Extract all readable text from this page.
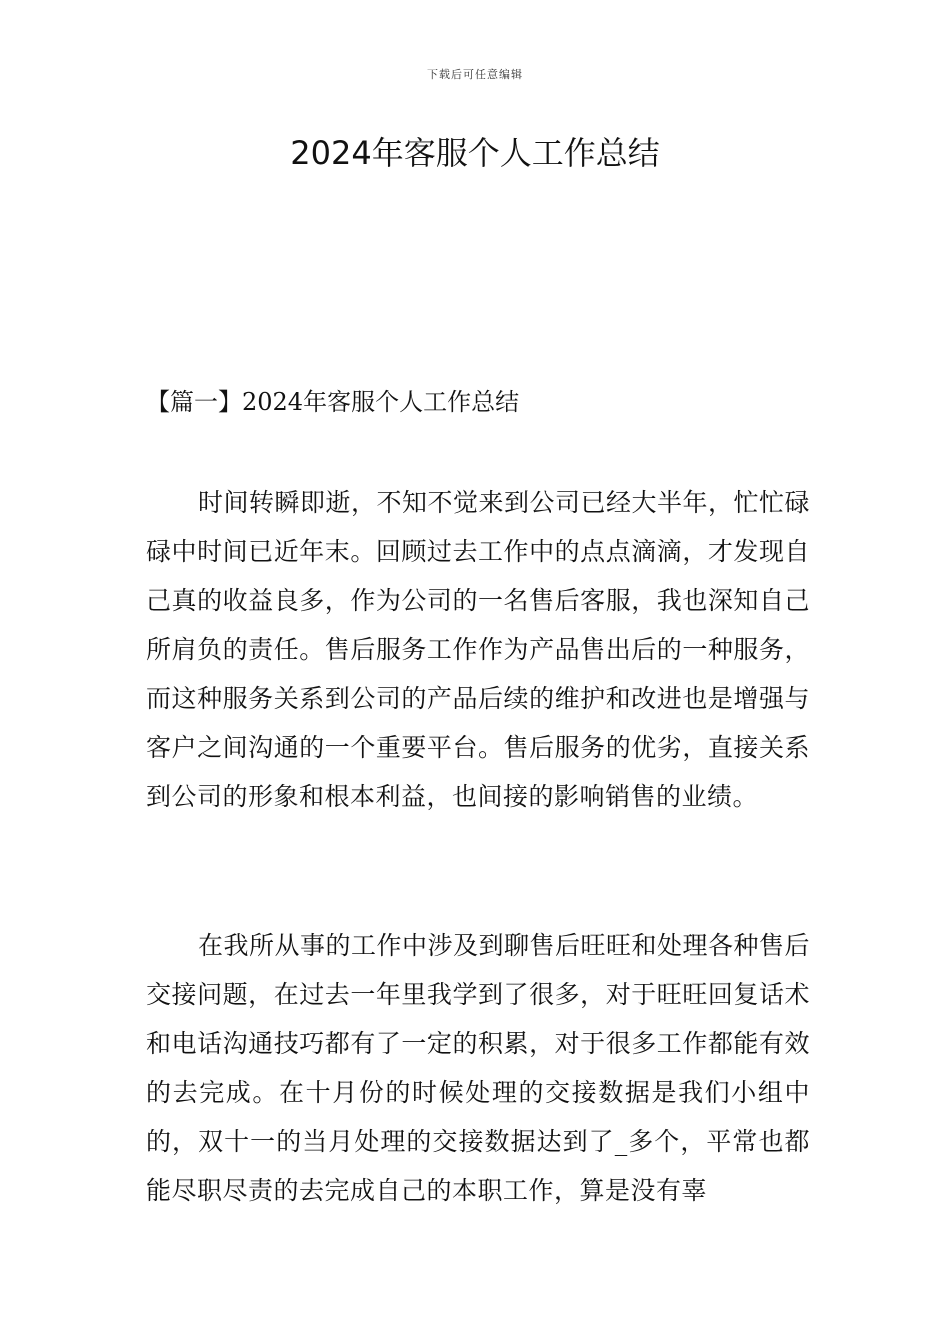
下载后可任意编辑
2024年客服个人工作总结
【篇一】2024年客服个人工作总结

时间转瞬即逝，不知不觉来到公司已经大半年，忙忙碌碌中时间已近年末。回顾过去工作中的点点滴滴，才发现自己真的收益良多，作为公司的一名售后客服，我也深知自己所肩负的责任。售后服务工作作为产品售出后的一种服务，而这种服务关系到公司的产品后续的维护和改进也是增强与客户之间沟通的一个重要平台。售后服务的优劣，直接关系到公司的形象和根本利益，也间接的影响销售的业绩。

在我所从事的工作中涉及到聊售后旺旺和处理各种售后交接问题，在过去一年里我学到了很多，对于旺旺回复话术和电话沟通技巧都有了一定的积累，对于很多工作都能有效的去完成。在十月份的时候处理的交接数据是我们小组中的，双十一的当月处理的交接数据达到了_多个，平常也都能尽职尽责的去完成自己的本职工作，算是没有辜
